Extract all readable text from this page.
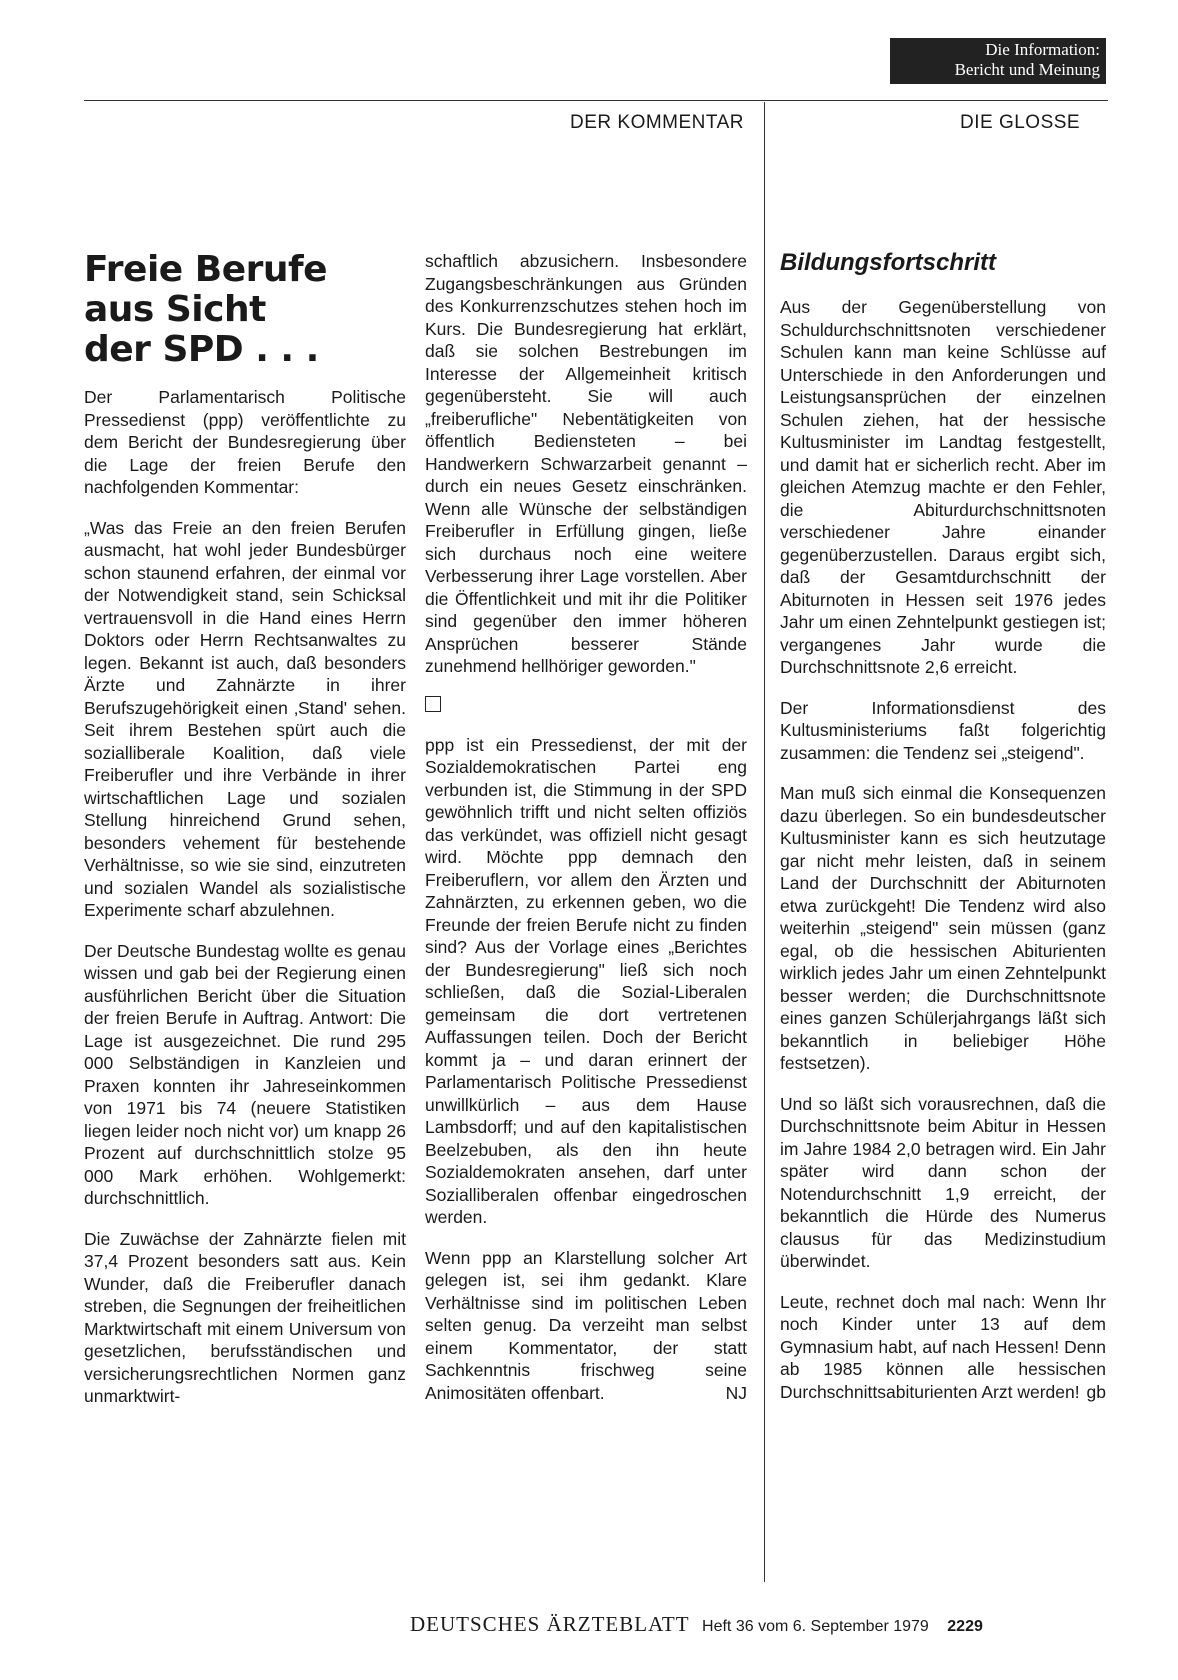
Die Information:
Bericht und Meinung
DER KOMMENTAR	DIE GLOSSE
Freie Berufe
aus Sicht
der SPD . . .

Der Parlamentarisch Politische Pressedienst (ppp) veröffentlichte zu dem Bericht der Bundesregierung über die Lage der freien Berufe den nachfolgenden Kommentar:

„Was das Freie an den freien Berufen ausmacht, hat wohl jeder Bundesbürger schon staunend erfahren, der einmal vor der Notwendigkeit stand, sein Schicksal vertrauensvoll in die Hand eines Herrn Doktors oder Herrn Rechtsanwaltes zu legen. Bekannt ist auch, daß besonders Ärzte und Zahnärzte in ihrer Berufszugehörigkeit einen ‚Stand' sehen. Seit ihrem Bestehen spürt auch die sozialliberale Koalition, daß viele Freiberufler und ihre Verbände in ihrer wirtschaftlichen Lage und sozialen Stellung hinreichend Grund sehen, besonders vehement für bestehende Verhältnisse, so wie sie sind, einzutreten und sozialen Wandel als sozialistische Experimente scharf abzulehnen.

Der Deutsche Bundestag wollte es genau wissen und gab bei der Regierung einen ausführlichen Bericht über die Situation der freien Berufe in Auftrag. Antwort: Die Lage ist ausgezeichnet. Die rund 295 000 Selbständigen in Kanzleien und Praxen konnten ihr Jahreseinkommen von 1971 bis 74 (neuere Statistiken liegen leider noch nicht vor) um knapp 26 Prozent auf durchschnittlich stolze 95 000 Mark erhöhen. Wohlgemerkt: durchschnittlich.

Die Zuwächse der Zahnärzte fielen mit 37,4 Prozent besonders satt aus. Kein Wunder, daß die Freiberufler danach streben, die Segnungen der freiheitlichen Marktwirtschaft mit einem Universum von gesetzlichen, berufsständischen und versicherungsrechtlichen Normen ganz unmarktwirt-

schaftlich abzusichern. Insbesondere Zugangsbeschränkungen aus Gründen des Konkurrenzschutzes stehen hoch im Kurs. Die Bundesregierung hat erklärt, daß sie solchen Bestrebungen im Interesse der Allgemeinheit kritisch gegenübersteht. Sie will auch „freiberufliche" Nebentätigkeiten von öffentlich Bediensteten – bei Handwerkern Schwarzarbeit genannt – durch ein neues Gesetz einschränken. Wenn alle Wünsche der selbständigen Freiberufler in Erfüllung gingen, ließe sich durchaus noch eine weitere Verbesserung ihrer Lage vorstellen. Aber die Öffentlichkeit und mit ihr die Politiker sind gegenüber den immer höheren Ansprüchen besserer Stände zunehmend hellhöriger geworden."

ppp ist ein Pressedienst, der mit der Sozialdemokratischen Partei eng verbunden ist, die Stimmung in der SPD gewöhnlich trifft und nicht selten offiziös das verkündet, was offiziell nicht gesagt wird. Möchte ppp demnach den Freiberuflern, vor allem den Ärzten und Zahnärzten, zu erkennen geben, wo die Freunde der freien Berufe nicht zu finden sind? Aus der Vorlage eines „Berichtes der Bundesregierung" ließ sich noch schließen, daß die Sozial-Liberalen gemeinsam die dort vertretenen Auffassungen teilen. Doch der Bericht kommt ja – und daran erinnert der Parlamentarisch Politische Pressedienst unwillkürlich – aus dem Hause Lambsdorff; und auf den kapitalistischen Beelzebuben, als den ihn heute Sozialdemokraten ansehen, darf unter Sozialliberalen offenbar eingedroschen werden.

Wenn ppp an Klarstellung solcher Art gelegen ist, sei ihm gedankt. Klare Verhältnisse sind im politischen Leben selten genug. Da verzeiht man selbst einem Kommentator, der statt Sachkenntnis frischweg seine Animositäten offenbart.	NJ

Bildungsfortschritt

Aus der Gegenüberstellung von Schuldurchschnittsnoten verschiedener Schulen kann man keine Schlüsse auf Unterschiede in den Anforderungen und Leistungsansprüchen der einzelnen Schulen ziehen, hat der hessische Kultusminister im Landtag festgestellt, und damit hat er sicherlich recht. Aber im gleichen Atemzug machte er den Fehler, die Abiturdurchschnittsnoten verschiedener Jahre einander gegenüberzustellen. Daraus ergibt sich, daß der Gesamtdurchschnitt der Abiturnoten in Hessen seit 1976 jedes Jahr um einen Zehntelpunkt gestiegen ist; vergangenes Jahr wurde die Durchschnittsnote 2,6 erreicht.

Der Informationsdienst des Kultusministeriums faßt folgerichtig zusammen: die Tendenz sei „steigend".

Man muß sich einmal die Konsequenzen dazu überlegen. So ein bundesdeutscher Kultusminister kann es sich heutzutage gar nicht mehr leisten, daß in seinem Land der Durchschnitt der Abiturnoten etwa zurückgeht! Die Tendenz wird also weiterhin „steigend" sein müssen (ganz egal, ob die hessischen Abiturienten wirklich jedes Jahr um einen Zehntelpunkt besser werden; die Durchschnittsnote eines ganzen Schülerjahrgangs läßt sich bekanntlich in beliebiger Höhe festsetzen).

Und so läßt sich vorausrechnen, daß die Durchschnittsnote beim Abitur in Hessen im Jahre 1984 2,0 betragen wird. Ein Jahr später wird dann schon der Notendurchschnitt 1,9 erreicht, der bekanntlich die Hürde des Numerus clausus für das Medizinstudium überwindet.

Leute, rechnet doch mal nach: Wenn Ihr noch Kinder unter 13 auf dem Gymnasium habt, auf nach Hessen! Denn ab 1985 können alle hessischen Durchschnittsabiturienten Arzt werden! gb

DEUTSCHES ÄRZTEBLATT Heft 36 vom 6. September 1979 2229
